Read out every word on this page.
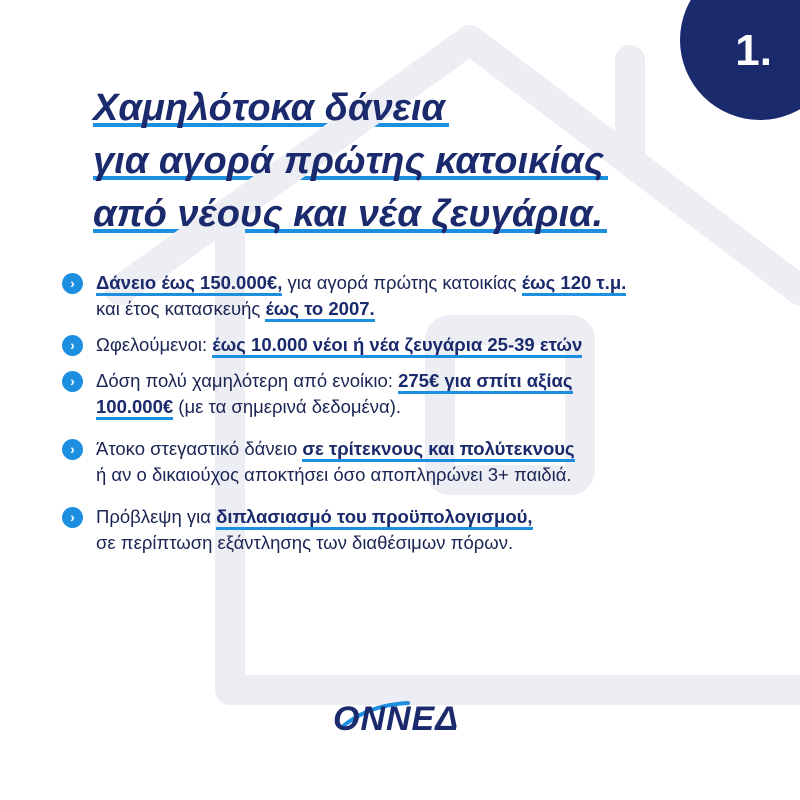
1.
Χαμηλότοκα δάνεια
για αγορά πρώτης κατοικίας
από νέους και νέα ζευγάρια.
›	Δάνειο έως 150.000€, για αγορά πρώτης κατοικίας έως 120 τ.μ.
και έτος κατασκευής έως το 2007.
›	Ωφελούμενοι: έως 10.000 νέοι ή νέα ζευγάρια 25-39 ετών
›	Δόση πολύ χαμηλότερη από ενοίκιο: 275€ για σπίτι αξίας
100.000€ (με τα σημερινά δεδομένα).
›	Άτοκο στεγαστικό δάνειο σε τρίτεκνους και πολύτεκνους
ή αν ο δικαιούχος αποκτήσει όσο αποπληρώνει 3+ παιδιά.
›	Πρόβλεψη για διπλασιασμό του προϋπολογισμού,
σε περίπτωση εξάντλησης των διαθέσιμων πόρων.
ΟΝΝΕΔ
